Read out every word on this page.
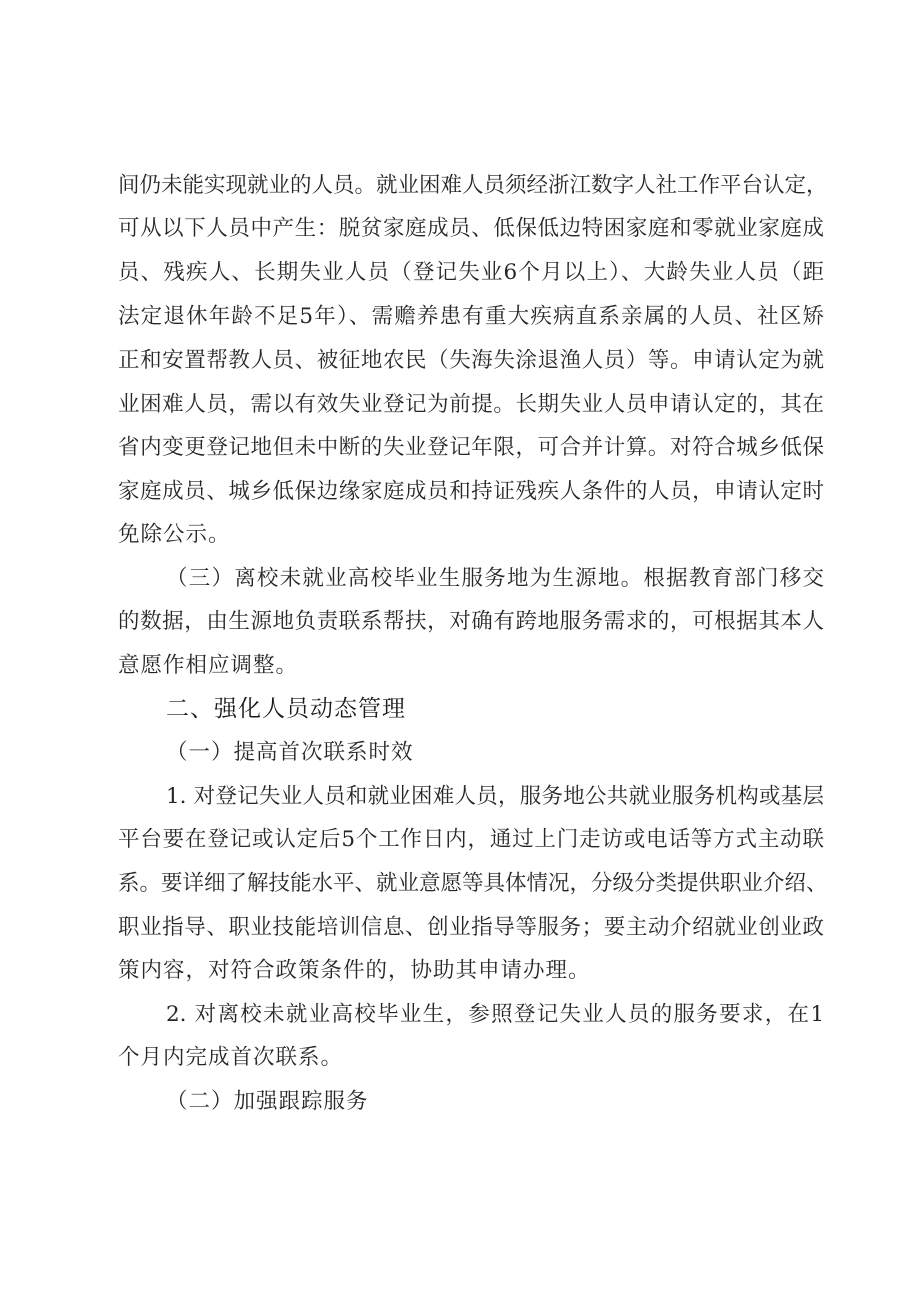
间仍未能实现就业的人员。就业困难人员须经浙江数字人社工作平台认定，
可从以下人员中产生：脱贫家庭成员、低保低边特困家庭和零就业家庭成
员、残疾人、长期失业人员（登记失业6个月以上）、大龄失业人员（距
法定退休年龄不足5年）、需赡养患有重大疾病直系亲属的人员、社区矫
正和安置帮教人员、被征地农民（失海失涂退渔人员）等。申请认定为就
业困难人员，需以有效失业登记为前提。长期失业人员申请认定的，其在
省内变更登记地但未中断的失业登记年限，可合并计算。对符合城乡低保
家庭成员、城乡低保边缘家庭成员和持证残疾人条件的人员，申请认定时
免除公示。
（三）离校未就业高校毕业生服务地为生源地。根据教育部门移交
的数据，由生源地负责联系帮扶，对确有跨地服务需求的，可根据其本人
意愿作相应调整。
二、强化人员动态管理
（一）提高首次联系时效
1. 对登记失业人员和就业困难人员，服务地公共就业服务机构或基层
平台要在登记或认定后5个工作日内，通过上门走访或电话等方式主动联
系。要详细了解技能水平、就业意愿等具体情况，分级分类提供职业介绍、
职业指导、职业技能培训信息、创业指导等服务；要主动介绍就业创业政
策内容，对符合政策条件的，协助其申请办理。
2. 对离校未就业高校毕业生，参照登记失业人员的服务要求，在1
个月内完成首次联系。
（二）加强跟踪服务
